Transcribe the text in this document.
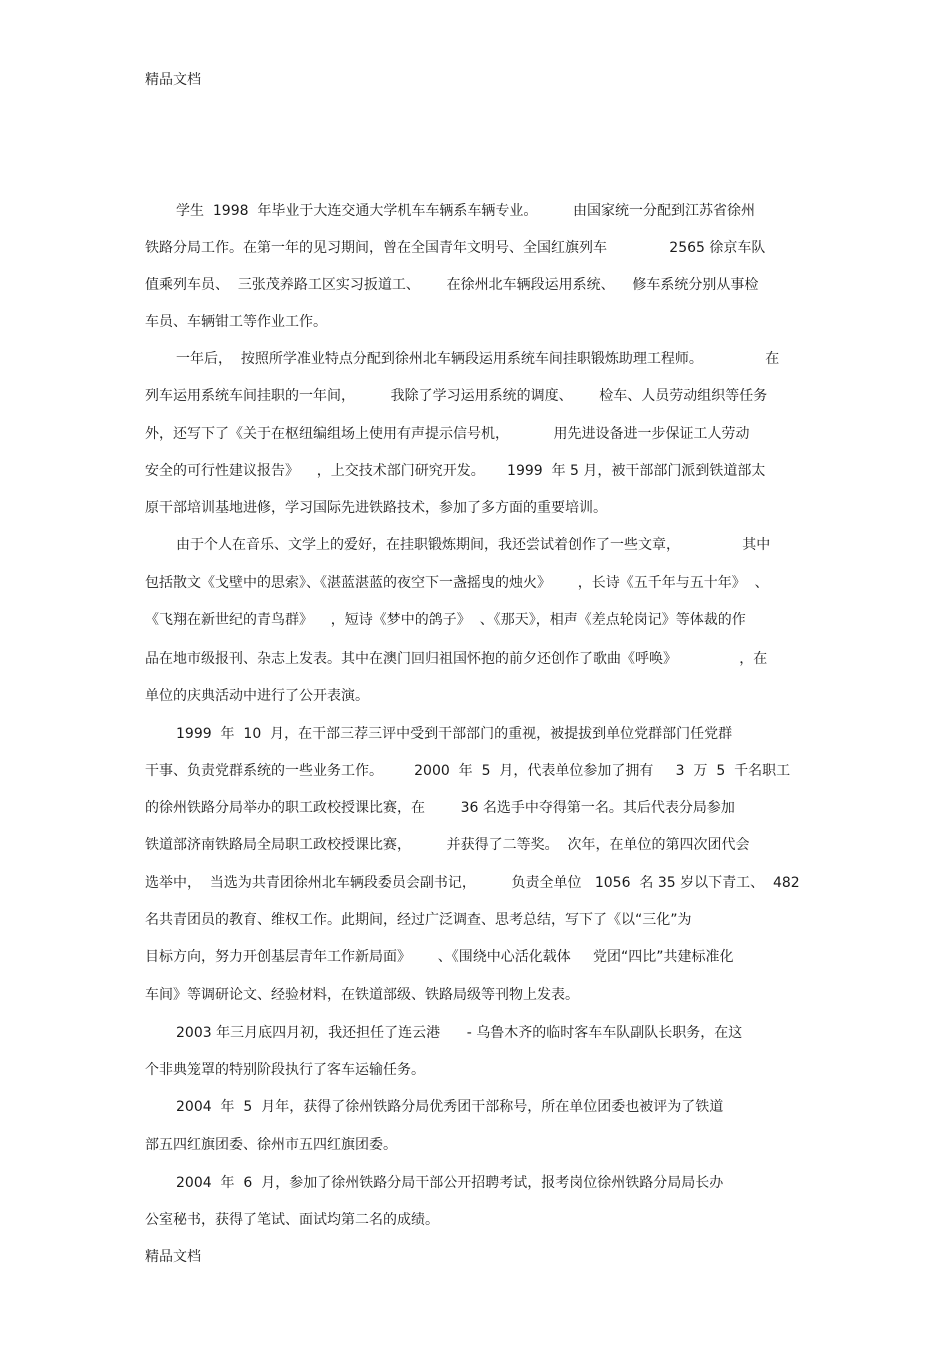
精品文档
学生  1998  年毕业于大连交通大学机车车辆系车辆专业。        由国家统一分配到江苏省徐州
铁路分局工作。在第一年的见习期间，曾在全国青年文明号、全国红旗列车              2565 徐京车队
值乘列车员、  三张茂养路工区实习扳道工、      在徐州北车辆段运用系统、    修车系统分别从事检
车员、车辆钳工等作业工作。
一年后，  按照所学准业特点分配到徐州北车辆段运用系统车间挂职锻炼助理工程师。              在
列车运用系统车间挂职的一年间，        我除了学习运用系统的调度、      检车、人员劳动组织等任务
外，还写下了《关于在枢纽编组场上使用有声提示信号机，          用先进设备进一步保证工人劳动
安全的可行性建议报告》    ，上交技术部门研究开发。     1999  年 5 月，被干部部门派到铁道部太
原干部培训基地进修，学习国际先进铁路技术，参加了多方面的重要培训。
由于个人在音乐、文学上的爱好，在挂职锻炼期间，我还尝试着创作了一些文章，              其中
包括散文《戈壁中的思索》、《湛蓝湛蓝的夜空下一盏摇曳的烛火》      ，长诗《五千年与五十年》  、
《飞翔在新世纪的青鸟群》    ，短诗《梦中的鸽子》  、《那天》，相声《差点轮岗记》等体裁的作
品在地市级报刊、杂志上发表。其中在澳门回归祖国怀抱的前夕还创作了歌曲《呼唤》              ，在
单位的庆典活动中进行了公开表演。
1999  年  10  月，在干部三荐三评中受到干部部门的重视，被提拔到单位党群部门任党群
干事、负责党群系统的一些业务工作。       2000  年  5  月，代表单位参加了拥有     3  万  5  千名职工
的徐州铁路分局举办的职工政校授课比赛，在        36 名选手中夺得第一名。其后代表分局参加
铁道部济南铁路局全局职工政校授课比赛，        并获得了二等奖。  次年，在单位的第四次团代会
选举中，  当选为共青团徐州北车辆段委员会副书记，        负责全单位   1056  名 35 岁以下青工、  482
名共青团员的教育、维权工作。此期间，经过广泛调查、思考总结，写下了《以“三化”为
目标方向，努力开创基层青年工作新局面》      、《围绕中心活化载体     党团“四比”共建标准化
车间》等调研论文、经验材料，在铁道部级、铁路局级等刊物上发表。
2003 年三月底四月初，我还担任了连云港      - 乌鲁木齐的临时客车车队副队长职务，在这
个非典笼罩的特别阶段执行了客车运输任务。
2004  年  5  月年，获得了徐州铁路分局优秀团干部称号，所在单位团委也被评为了铁道
部五四红旗团委、徐州市五四红旗团委。
2004  年  6  月，参加了徐州铁路分局干部公开招聘考试，报考岗位徐州铁路分局局长办
公室秘书，获得了笔试、面试均第二名的成绩。
精品文档
